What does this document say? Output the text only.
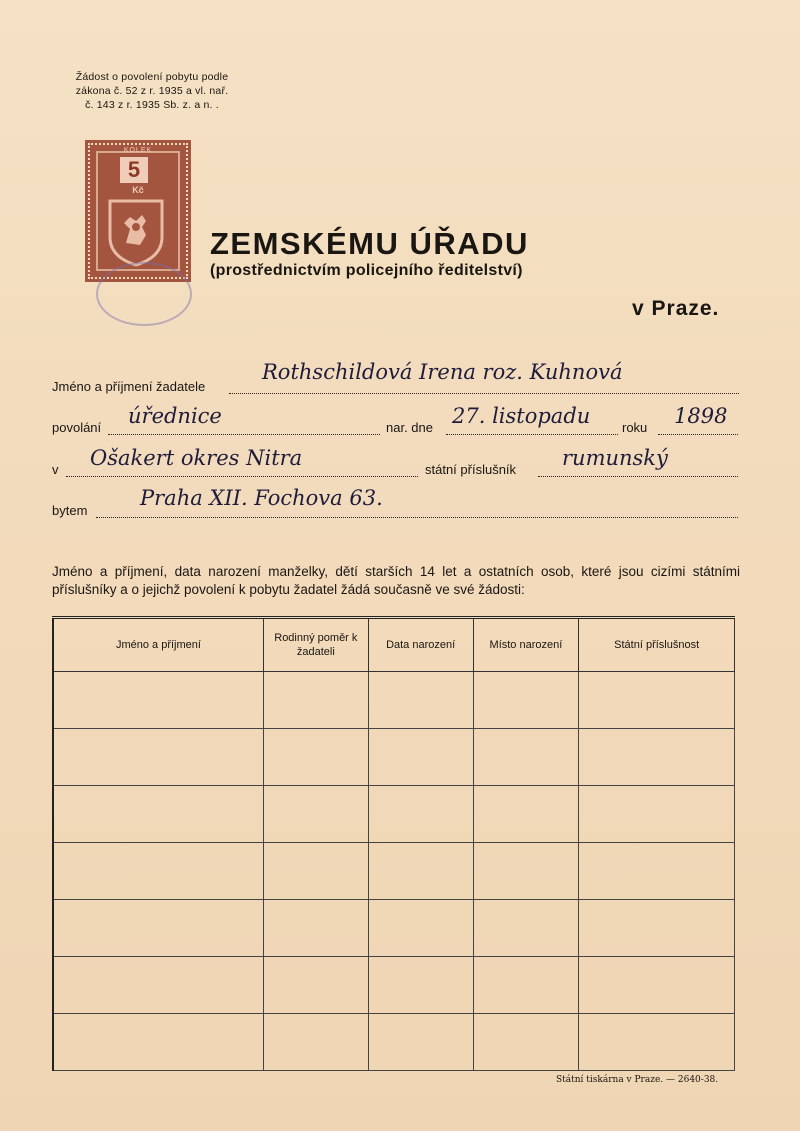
Žádost o povolení pobytu podle
zákona č. 52 z r. 1935 a vl. nař.
č. 143 z r. 1935 Sb. z. a n. .
KOLEK
5
Kč
ZEMSKÉMU ÚŘADU
(prostřednictvím policejního ředitelství)
v Praze.
Jméno a příjmení žadatele
Rothschildová Irena roz. Kuhnová
povolání úřednice	nar. dne 27. listopadu roku 1898
v Ošakert okres Nitra	státní příslušník rumunský
bytem
Praha XII. Fochova 63.
Jméno a příjmení, data narození manželky, dětí starších 14 let a ostatních osob, které jsou cizími státními příslušníky a o jejichž povolení k pobytu žadatel žádá současně ve své žádosti:
Jméno a příjmení	Rodinný poměr k žadateli	Data narození	Místo narození	Státní příslušnost

Státní tiskárna v Praze. — 2640-38.
